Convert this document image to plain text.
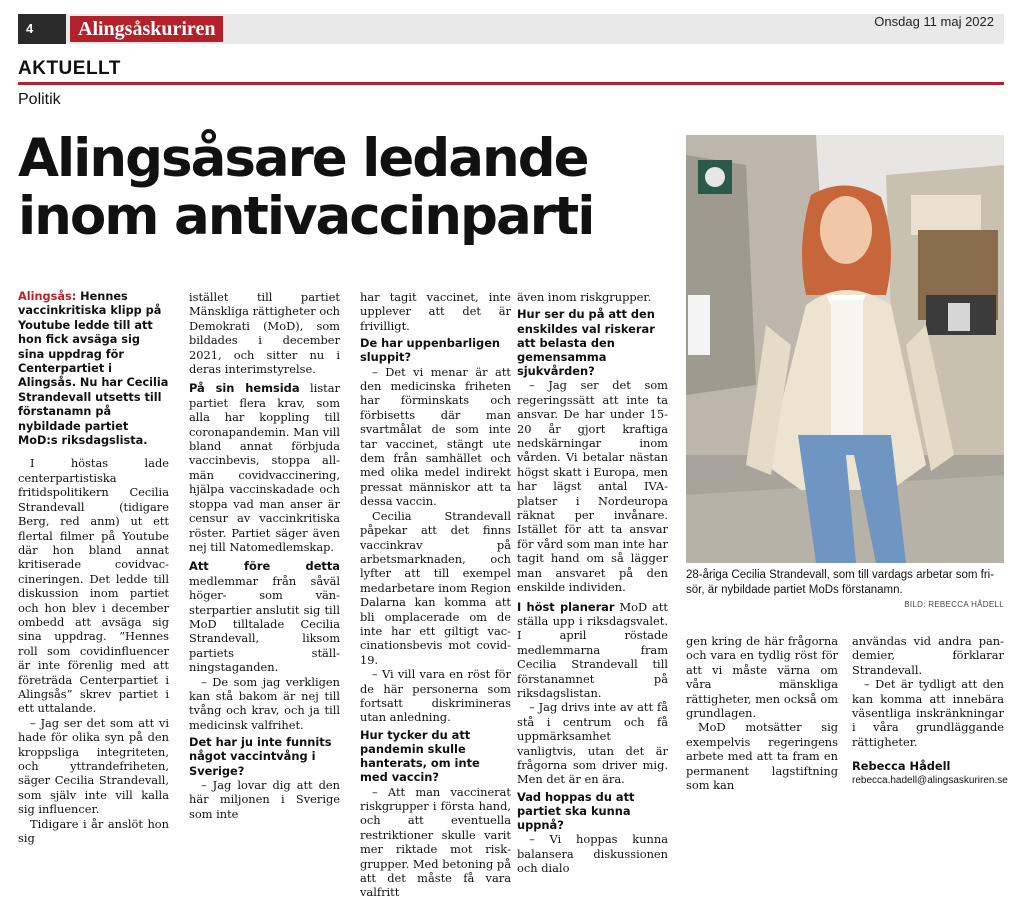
4	Alingsåskuriren	Onsdag 11 maj 2022
AKTUELLT
Politik
Alingsåsare ledande
inom antivaccinparti
28-åriga Cecilia Strandevall, som till vardags arbetar som frisör, är nybildade partiet MoDs förstanamn.
BILD: REBECCA HÅDELL

Alingsås: Hennes vaccinkritiska klipp på Youtube ledde till att hon fick avsäga sig sina uppdrag för Centerpartiet i Alingsås. Nu har Cecilia Strandevall utsetts till förstanamn på nybildade partiet MoD:s riksdagslista.

I höstas lade centerpartistiska fritidspolitikern Cecilia Strandevall (tidigare Berg, red anm) ut ett flertal filmer på Youtube där hon bland annat kritiserade covidvaccineringen. Det ledde till diskussion inom partiet och hon blev i december ombedd att avsäga sig sina uppdrag. ”Hennes roll som covidinfluencer är inte förenlig med att företräda Centerpartiet i Alingsås” skrev partiet i ett uttalande.

– Jag ser det som att vi hade för olika syn på den kroppsliga integriteten, och yttrandefriheten, säger Cecilia Strandevall, som själv inte vill kalla sig influencer.

Tidigare i år anslöt hon sig

istället till partiet Mänskliga rättigheter och Demokrati (MoD), som bildades i december 2021, och sitter nu i deras interimstyrelse.

På sin hemsida listar partiet flera krav, som alla har koppling till coronapandemin. Man vill bland annat förbjuda vaccinbevis, stoppa allmän covidvaccinering, hjälpa vaccinskadade och stoppa vad man anser är censur av vaccinkritiska röster. Partiet säger även nej till Natomedlemskap.

Att före detta medlemmar från såväl höger- som vänsterpartier anslutit sig till MoD tilltalade Cecilia Strandevall, liksom partiets ställningstaganden.

– De som jag verkligen kan stå bakom är nej till tvång och krav, och ja till medicinsk valfrihet.

Det har ju inte funnits något vaccintvång i Sverige?

– Jag lovar dig att den här miljonen i Sverige som inte

har tagit vaccinet, inte upplever att det är frivilligt.

De har uppenbarligen sluppit?

– Det vi menar är att den medicinska friheten har förminskats och förbisetts där man svartmålat de som inte tar vaccinet, stängt ute dem från samhället och med olika medel indirekt pressat människor att ta dessa vaccin.

Cecilia Strandevall påpekar att det finns vaccinkrav på arbetsmarknaden, och lyfter att till exempel medarbetare inom Region Dalarna kan komma att bli omplacerade om de inte har ett giltigt vaccinationsbevis mot covid-19.

– Vi vill vara en röst för de här personerna som fortsatt diskrimineras utan anledning.

Hur tycker du att pandemin skulle hanterats, om inte med vaccin?

– Att man vaccinerat riskgrupper i första hand, och att eventuella restriktioner skulle varit mer riktade mot riskgrupper. Med betoning på att det måste få vara valfritt

även inom riskgrupper.

Hur ser du på att den enskildes val riskerar att belasta den gemensamma sjukvården?

– Jag ser det som regeringssätt att inte ta ansvar. De har under 15-20 år gjort kraftiga nedskärningar inom vården. Vi betalar nästan högst skatt i Europa, men har lägst antal IVA-platser i Nordeuropa räknat per invånare. Istället för att ta ansvar för vård som man inte har tagit hand om så lägger man ansvaret på den enskilde individen.

I höst planerar MoD att ställa upp i riksdagsvalet. I april röstade medlemmarna fram Cecilia Strandevall till förstanamnet på riksdagslistan.

– Jag drivs inte av att få stå i centrum och få uppmärksamhet vanligtvis, utan det är frågorna som driver mig. Men det är en ära.

Vad hoppas du att partiet ska kunna uppnå?

– Vi hoppas kunna balansera diskussionen och dialo

gen kring de här frågorna och vara en tydlig röst för att vi måste värna om våra mänskliga rättigheter, men också om grundlagen.

MoD motsätter sig exempelvis regeringens arbete med att ta fram en permanent lagstiftning som kan

användas vid andra pandemier, förklarar Strandevall.

– Det är tydligt att den kan komma att innebära väsentliga inskränkningar i våra grundläggande rättigheter.

Rebecca Hådell

rebecca.hadell@alingsaskuriren.se
